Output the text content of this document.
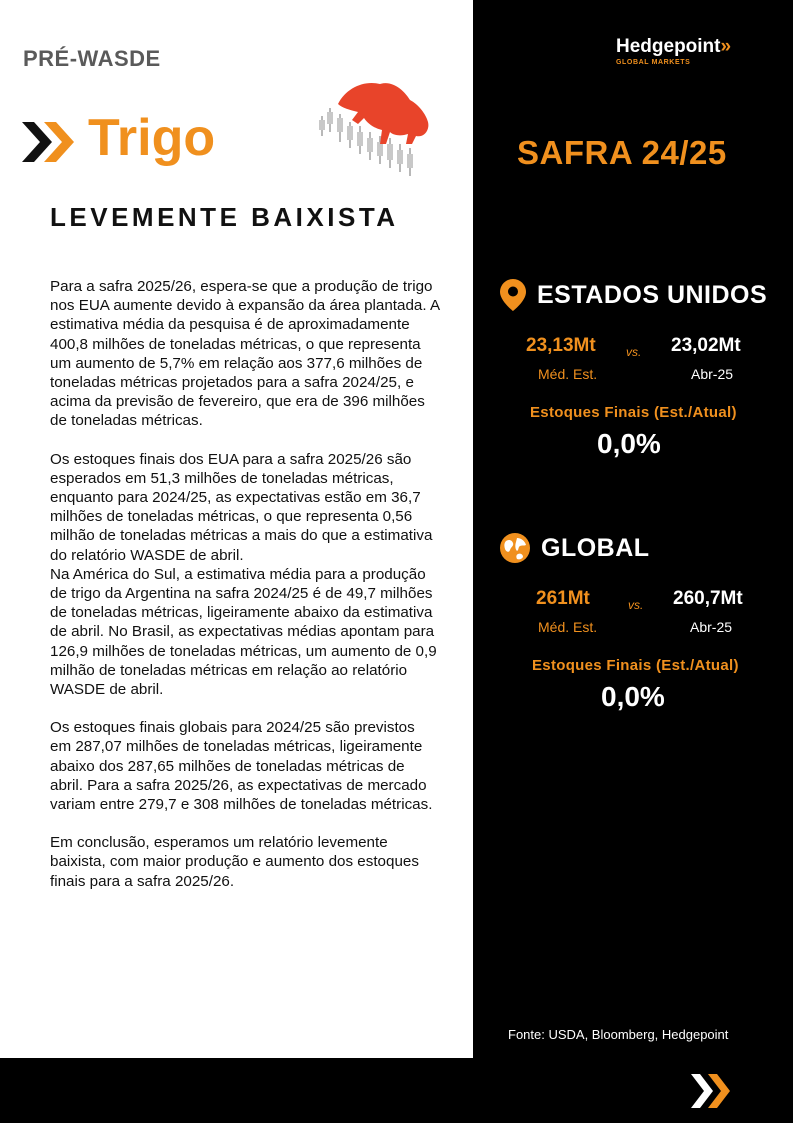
PRÉ-WASDE
Trigo
LEVEMENTE BAIXISTA

Para a safra 2025/26, espera-se que a produção de trigo nos EUA aumente devido à expansão da área plantada. A estimativa média da pesquisa é de aproximadamente 400,8 milhões de toneladas métricas, o que representa um aumento de 5,7% em relação aos 377,6 milhões de toneladas métricas projetados para a safra 2024/25, e acima da previsão de fevereiro, que era de 396 milhões de toneladas métricas.

Os estoques finais dos EUA para a safra 2025/26 são esperados em 51,3 milhões de toneladas métricas, enquanto para 2024/25, as expectativas estão em 36,7 milhões de toneladas métricas, o que representa 0,56 milhão de toneladas métricas a mais do que a estimativa do relatório WASDE de abril.

Na América do Sul, a estimativa média para a produção de trigo da Argentina na safra 2024/25 é de 49,7 milhões de toneladas métricas, ligeiramente abaixo da estimativa de abril. No Brasil, as expectativas médias apontam para 126,9 milhões de toneladas métricas, um aumento de 0,9 milhão de toneladas métricas em relação ao relatório WASDE de abril.

Os estoques finais globais para 2024/25 são previstos em 287,07 milhões de toneladas métricas, ligeiramente abaixo dos 287,65 milhões de toneladas métricas de abril. Para a safra 2025/26, as expectativas de mercado variam entre 279,7 e 308 milhões de toneladas métricas.

Em conclusão, esperamos um relatório levemente baixista, com maior produção e aumento dos estoques finais para a safra 2025/26.

Hedgepoint»
GLOBAL MARKETS
SAFRA 24/25
ESTADOS UNIDOS
23,13Mt	vs. 23,02Mt
Méd. Est.	Abr-25
Estoques Finais (Est./Atual)
0,0%
GLOBAL
261Mt	vs. 260,7Mt
Méd. Est.	Abr-25
Estoques Finais (Est./Atual)
0,0%
Fonte: USDA, Bloomberg, Hedgepoint
